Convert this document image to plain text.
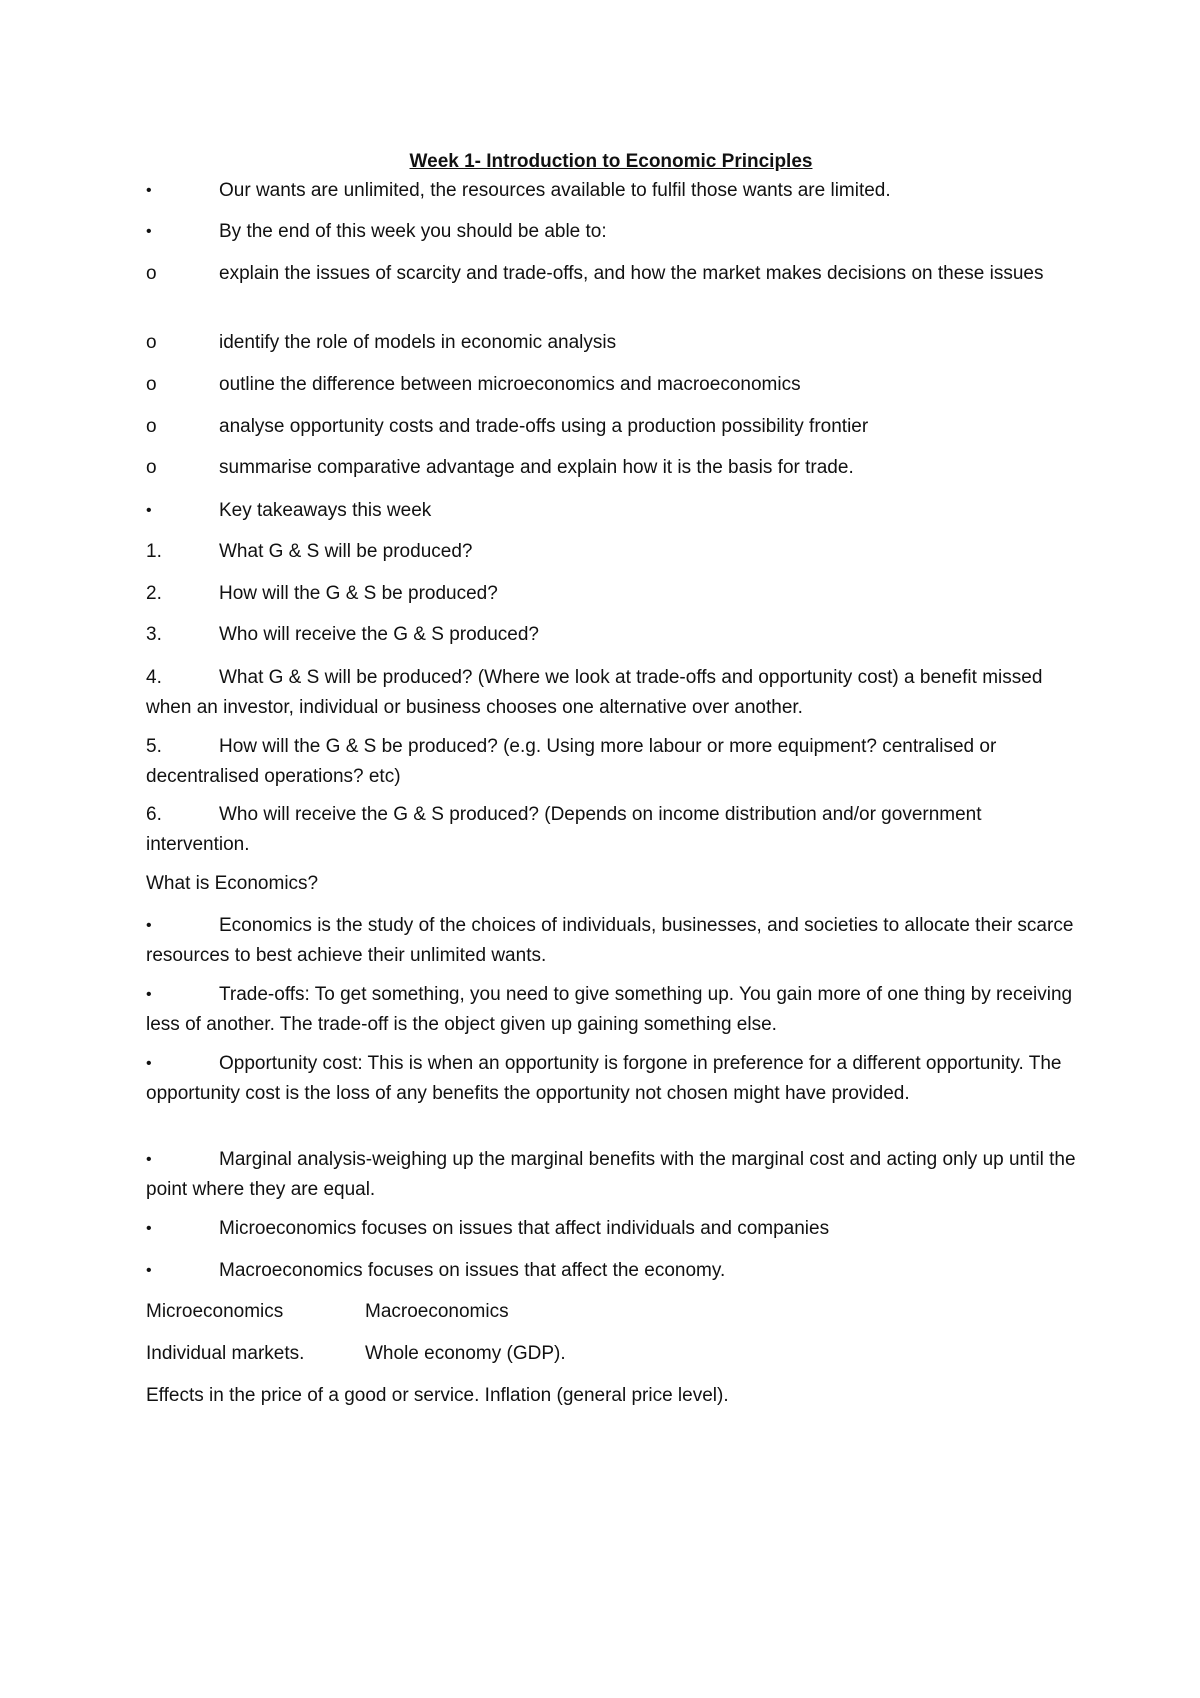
Week 1- Introduction to Economic Principles

•	Our wants are unlimited, the resources available to fulfil those wants are limited.

•	By the end of this week you should be able to:

o	explain the issues of scarcity and trade-offs, and how the market makes decisions on these issues

o	identify the role of models in economic analysis

o	outline the difference between microeconomics and macroeconomics

o	analyse opportunity costs and trade-offs using a production possibility frontier

o	summarise comparative advantage and explain how it is the basis for trade.

•	Key takeaways this week

1.	What G & S will be produced?

2.	How will the G & S be produced?

3.	Who will receive the G & S produced?

4.	What G & S will be produced? (Where we look at trade-offs and opportunity cost) a benefit missed when an investor, individual or business chooses one alternative over another.

5.	How will the G & S be produced? (e.g. Using more labour or more equipment? centralised or decentralised operations? etc)

6.	Who will receive the G & S produced? (Depends on income distribution and/or government intervention.

What is Economics?

•	Economics is the study of the choices of individuals, businesses, and societies to allocate their scarce resources to best achieve their unlimited wants.

•	Trade-offs: To get something, you need to give something up. You gain more of one thing by receiving less of another. The trade-off is the object given up gaining something else.

•	Opportunity cost: This is when an opportunity is forgone in preference for a different opportunity. The opportunity cost is the loss of any benefits the opportunity not chosen might have provided.

•	Marginal analysis-weighing up the marginal benefits with the marginal cost and acting only up until the point where they are equal.

•	Microeconomics focuses on issues that affect individuals and companies

•	Macroeconomics focuses on issues that affect the economy.

Microeconomics	Macroeconomics

Individual markets.	Whole economy (GDP).

Effects in the price of a good or service. Inflation (general price level).
